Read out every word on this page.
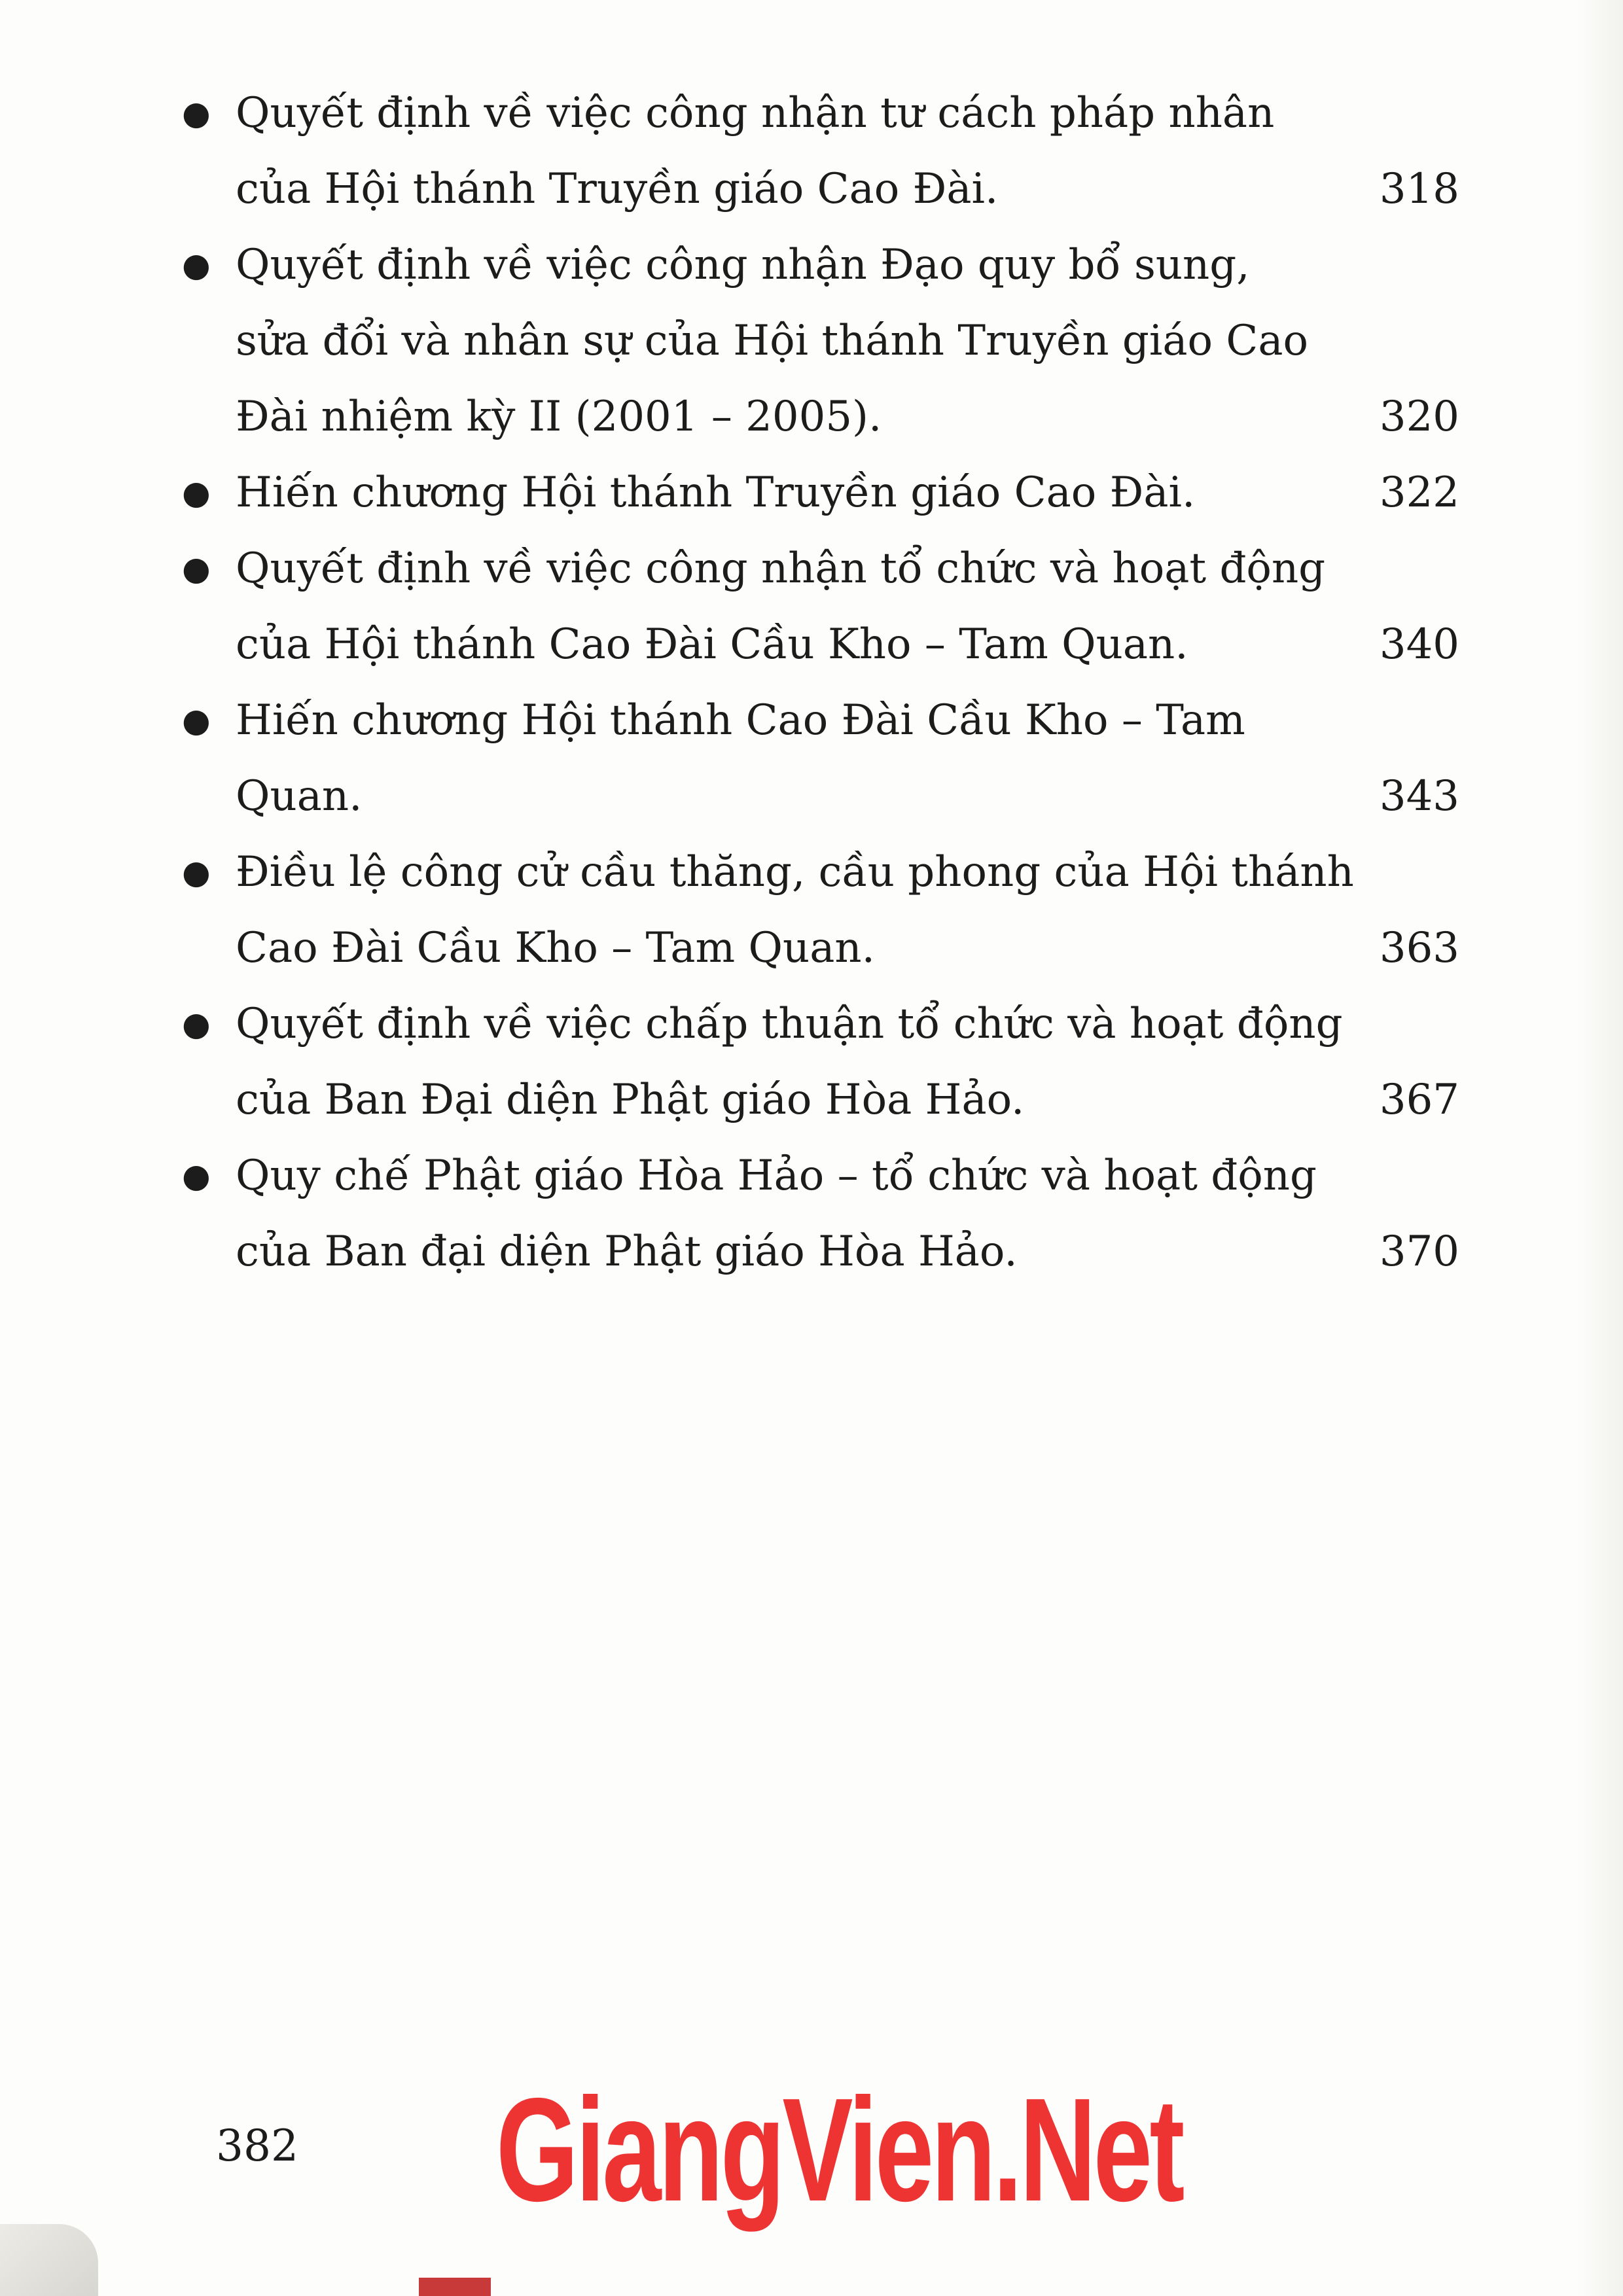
● Quyết định về việc công nhận tư cách pháp nhân
của Hội thánh Truyền giáo Cao Đài.	318
● Quyết định về việc công nhận Đạo quy bổ sung,
sửa đổi và nhân sự của Hội thánh Truyền giáo Cao
Đài nhiệm kỳ II (2001 – 2005).	320
● Hiến chương Hội thánh Truyền giáo Cao Đài.	322
● Quyết định về việc công nhận tổ chức và hoạt động
của Hội thánh Cao Đài Cầu Kho – Tam Quan.	340
● Hiến chương Hội thánh Cao Đài Cầu Kho – Tam
Quan.	343
● Điều lệ công cử cầu thăng, cầu phong của Hội thánh
Cao Đài Cầu Kho – Tam Quan.	363
● Quyết định về việc chấp thuận tổ chức và hoạt động
của Ban Đại diện Phật giáo Hòa Hảo.	367
● Quy chế Phật giáo Hòa Hảo – tổ chức và hoạt động
của Ban đại diện Phật giáo Hòa Hảo.	370
382 GiangVien.Net
